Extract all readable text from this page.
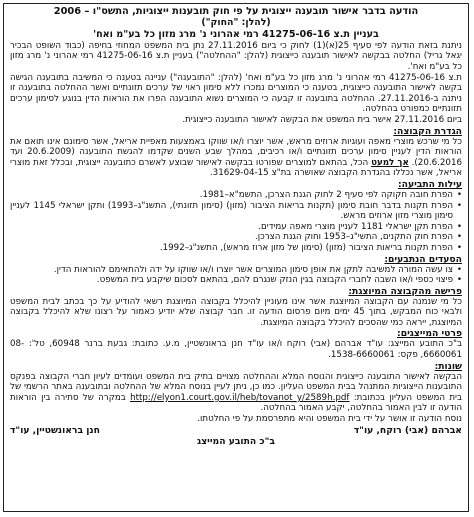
הודעה בדבר אישור תובענה ייצוגית על פי חוק תובענות ייצוגיות, התשס"ו – 2006
(להלן: "החוק")
בעניין ת.צ 41275-06-16 רמי אהרוני נ' מרג מזון כל בע"מ ואח'

ניתנת בזאת הודעה לפי סעיף 25(א)(1) לחוק כי ביום 27.11.2016 נתן בית המשפט המחוזי בחיפה (כבוד השופט הבכיר יגאל גריל) החלטה בבקשה לאישור תובענה כייצוגית (להלן: "ההחלטה") בעניין ת.צ 41275-06-16 רמי אהרוני נ' מרג מזון כל בע"מ ואח'.

ת.צ 41275-06-16 רמי אהרוני נ' מרג מזון כל בע"מ ואח' (להלן: "התובענה") עניינה בטענה כי המשיבה בתובענה הגישה בקשה לאישור התובענה כייצוגית, בטענה כי המוצרים נמכרו ללא סימון ראוי של ערכים תזונתיים ואשר ההחלטה בתובענה זו ניתנה ב-27.11.2016. ההחלטה בתובענה זו קבעה כי המוצרים נשוא התובענה הפרו את הוראות הדין בנוגע לסימון ערכים תזונתיים כמפורט בהחלטה.

ביום 27.11.2016 אישר בית המשפט את הבקשה לאישור התובענה כייצוגית.

הגדרת הקבוצה:

כל מי שרכש מוצרי מאפה ועוגיות ארוזים מראש, אשר יוצרו ו/או שווקו באמצעות מאפיית אריאל, אשר סימונם אינו תואם את הוראות הדין לעניין סימון ערכים תזונתיים ו/או רכיבים, במהלך שבע השנים שקדמו להגשת התובענה (20.6.2009 ועד 20.6.2016). אך למעט הכל, בהתאם למוצרים שפורטו בבקשה לאישור שבוצע לאשרם כתובענה ייצוגית, ובכלל זאת מוצרי אריאל, אשר נכללו בהגדרת הקבוצה שאושרה בת"צ 31629-04-15.

עילות התביעה:
• הפרת חובה חקוקה לפי סעיף 2 לחוק הגנת הצרכן, התשמ"א–1981.
• הפרת תקנות בדבר חובת סימון (תקנות בריאות הציבור (מזון) (סימון תזונתי), התשנ"ג–1993) ותקן ישראלי 1145 לעניין סימון מוצרי מזון ארוזים מראש.
• הפרת תקן ישראלי 1181 לעניין מוצרי מאפה עמידים.
• הפרת חוק התקנים, התשי"ג–1953 וחוק הגנת הצרכן.
• הפרת תקנות בריאות הציבור (מזון) (סימון של מזון ארוז מראש), התשנ"ג–1992.
הסעדים הנתבעים:
• צו עשה המורה למשיבה לתקן את אופן סימון המוצרים אשר יוצרו ו/או שווקו על ידה ולהתאימם להוראות הדין.
• פיצוי כספי ו/או השבה לחברי הקבוצה בגין הנזק שנגרם להם, בהתאם לסכום שיקבע בית המשפט.
פרישה מהקבוצה המיוצגת:

כל מי שנמנה עם הקבוצה המיוצגת אשר אינו מעוניין להיכלל בקבוצה המיוצגת רשאי להודיע על כך בכתב לבית המשפט ולבאי כוח המבקש, בתוך 45 ימים מיום פרסום הודעה זו. חבר קבוצה שלא יודיע כאמור על רצונו שלא להיכלל בקבוצה המיוצגת, ייראה כמי שהסכים להיכלל בקבוצה המיוצגת.

פרטי המייצגים:

ב"כ התובע המייצג: עו"ד אברהם (אבי) רוקח ו/או עו"ד חנן בראונשטיין, מ.ע. כתובת: גבעת ברנר 60948, טל': 08-6660061, פקס: 1538-6660061.

שונות:

הבקשה לאישור התובענה כייצוגית והנוסח המלא וההחלטה מצויים בתיק בית המשפט ועומדים לעיון חברי הקבוצה בפנקס התובענות הייצוגיות המתנהל בבית המשפט העליון. כמו כן, ניתן לעיין בנוסח המלא של ההחלטה ובתובענה באתר הרשמי של בית המשפט העליון בכתובת: http://elyon1.court.gov.il/heb/tovanot_y/2589h.pdf במקרה של סתירה בין הוראות הודעה זו לבין האמור בהחלטה, יקבע האמור בהחלטה.

נוסח הודעה זו אושר על ידי בית המשפט והיא מתפרסמת על פי החלטתו.

אברהם (אבי) רוקח, עו"ד
חנן בראונשטיין, עו"ד
ב"כ התובע המייצג
